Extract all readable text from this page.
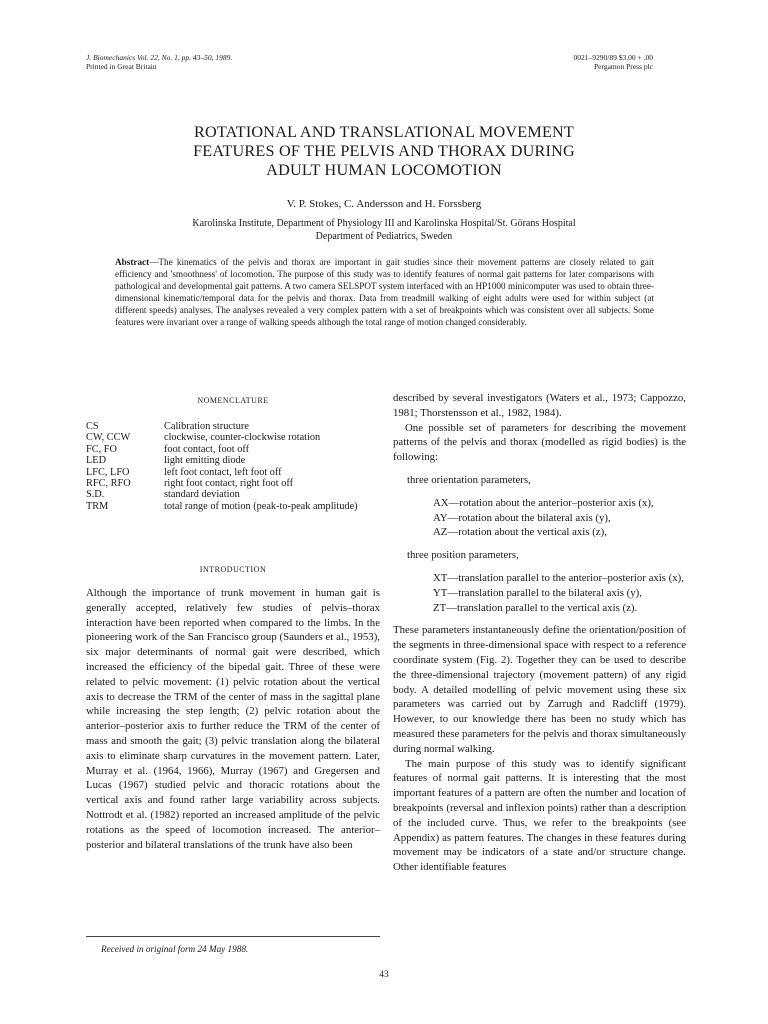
J. Biomechanics Vol. 22, No. 1, pp. 43–50, 1989.
Printed in Great Britain
0021–9290/89 $3.00 + .00
Pergamon Press plc
ROTATIONAL AND TRANSLATIONAL MOVEMENT
FEATURES OF THE PELVIS AND THORAX DURING
ADULT HUMAN LOCOMOTION
V. P. Stokes, C. Andersson and H. Forssberg
Karolinska Institute, Department of Physiology III and Karolinska Hospital/St. Görans Hospital
Department of Pediatrics, Sweden
Abstract—The kinematics of the pelvis and thorax are important in gait studies since their movement patterns are closely related to gait efficiency and 'smoothness' of locomotion. The purpose of this study was to identify features of normal gait patterns for later comparisons with pathological and developmental gait patterns. A two camera SELSPOT system interfaced with an HP1000 minicomputer was used to obtain three-dimensional kinematic/temporal data for the pelvis and thorax. Data from treadmill walking of eight adults were used for within subject (at different speeds) analyses. The analyses revealed a very complex pattern with a set of breakpoints which was consistent over all subjects. Some features were invariant over a range of walking speeds although the total range of motion changed considerably.
NOMENCLATURE
CS	Calibration structure
CW, CCW	clockwise, counter-clockwise rotation
FC, FO	foot contact, foot off
LED	light emitting diode
LFC, LFO	left foot contact, left foot off
RFC, RFO	right foot contact, right foot off
S.D.	standard deviation
TRM	total range of motion (peak-to-peak amplitude)
INTRODUCTION
Although the importance of trunk movement in human gait is generally accepted, relatively few studies of pelvis–thorax interaction have been reported when compared to the limbs. In the pioneering work of the San Francisco group (Saunders et al., 1953), six major determinants of normal gait were described, which increased the efficiency of the bipedal gait. Three of these were related to pelvic movement: (1) pelvic rotation about the vertical axis to decrease the TRM of the center of mass in the sagittal plane while increasing the step length; (2) pelvic rotation about the anterior–posterior axis to further reduce the TRM of the center of mass and smooth the gait; (3) pelvic translation along the bilateral axis to eliminate sharp curvatures in the movement pattern. Later, Murray et al. (1964, 1966), Murray (1967) and Gregersen and Lucas (1967) studied pelvic and thoracic rotations about the vertical axis and found rather large variability across subjects. Nottrodt et al. (1982) reported an increased amplitude of the pelvic rotations as the speed of locomotion increased. The anterior–posterior and bilateral translations of the trunk have also been

described by several investigators (Waters et al., 1973; Cappozzo, 1981; Thorstensson et al., 1982, 1984).

One possible set of parameters for describing the movement patterns of the pelvis and thorax (modelled as rigid bodies) is the following:

three orientation parameters,

AX—rotation about the anterior–posterior axis (x),

AY—rotation about the bilateral axis (y),

AZ—rotation about the vertical axis (z),

three position parameters,

XT—translation parallel to the anterior–posterior axis (x),

YT—translation parallel to the bilateral axis (y),

ZT—translation parallel to the vertical axis (z).

These parameters instantaneously define the orientation/position of the segments in three-dimensional space with respect to a reference coordinate system (Fig. 2). Together they can be used to describe the three-dimensional trajectory (movement pattern) of any rigid body. A detailed modelling of pelvic movement using these six parameters was carried out by Zarrugh and Radcliff (1979). However, to our knowledge there has been no study which has measured these parameters for the pelvis and thorax simultaneously during normal walking.

The main purpose of this study was to identify significant features of normal gait patterns. It is interesting that the most important features of a pattern are often the number and location of breakpoints (reversal and inflexion points) rather than a description of the included curve. Thus, we refer to the breakpoints (see Appendix) as pattern features. The changes in these features during movement may be indicators of a state and/or structure change. Other identifiable features

Received in original form 24 May 1988.
43
